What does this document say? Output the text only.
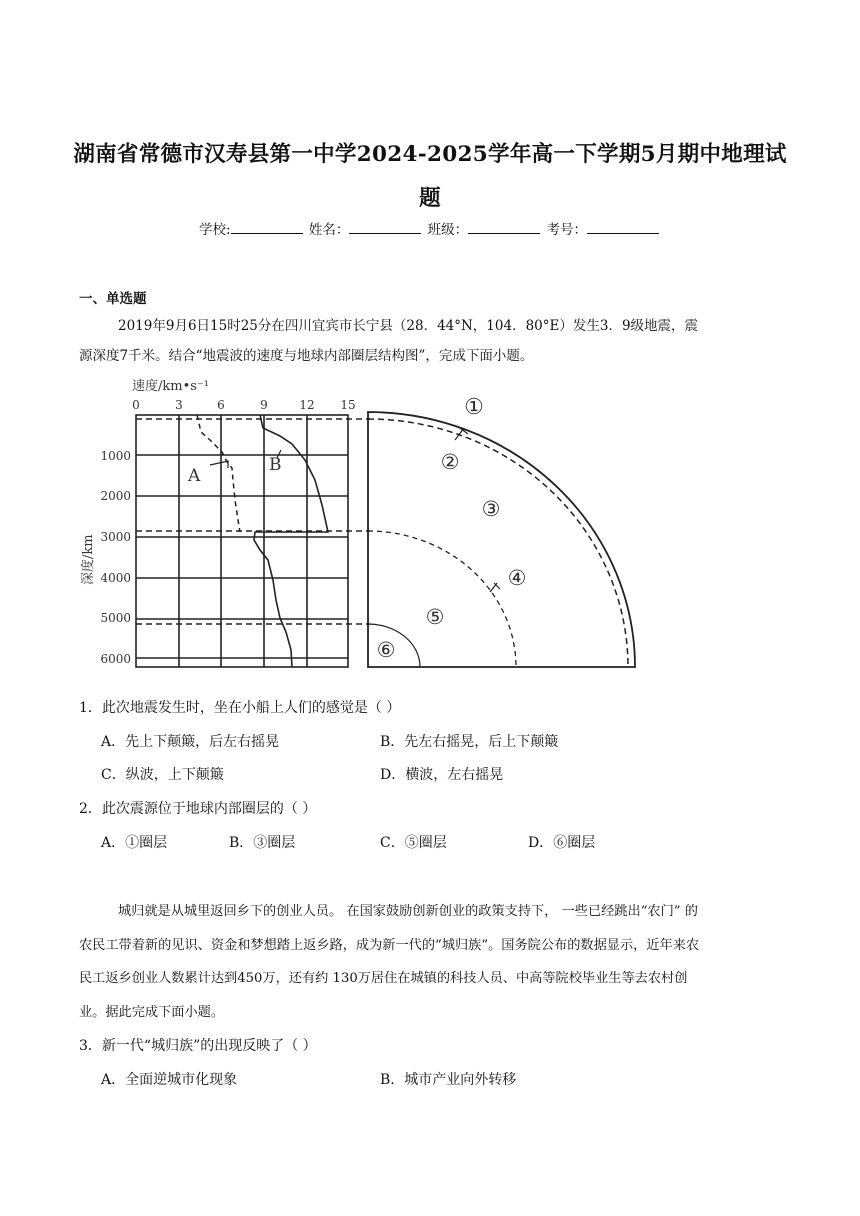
湖南省常德市汉寿县第一中学2024-2025学年高一下学期5月期中地理试
题
学校:	姓名：	班级：	考号：
一、单选题
2019年9月6日15时25分在四川宜宾市长宁县（28．44°N，104．80°E）发生3．9级地震，震
源深度7千米。结合“地震波的速度与地球内部圈层结构图”，完成下面小题。
速度/km•s⁻¹
深度/km
0	3	6	9	12 15
1000
2000
3000
4000
5000
6000
A
B
①
②
③
④
⑤
⑥
1．此次地震发生时，坐在小船上人们的感觉是（ ）
A．先上下颠簸，后左右摇晃	B．先左右摇晃，后上下颠簸
C．纵波，上下颠簸	D．横波，左右摇晃
2．此次震源位于地球内部圈层的（ ）
A．①圈层	B．③圈层	C．⑤圈层	D．⑥圈层
城归就是从城里返回乡下的创业人员。 在国家鼓励创新创业的政策支持下， 一些已经跳出“农门” 的
农民工带着新的见识、资金和梦想踏上返乡路，成为新一代的“城归族”。国务院公布的数据显示，近年来农
民工返乡创业人数累计达到450万，还有约 130万居住在城镇的科技人员、中高等院校毕业生等去农村创
业。据此完成下面小题。
3．新一代“城归族”的出现反映了（ ）
A．全面逆城市化现象	B．城市产业向外转移
